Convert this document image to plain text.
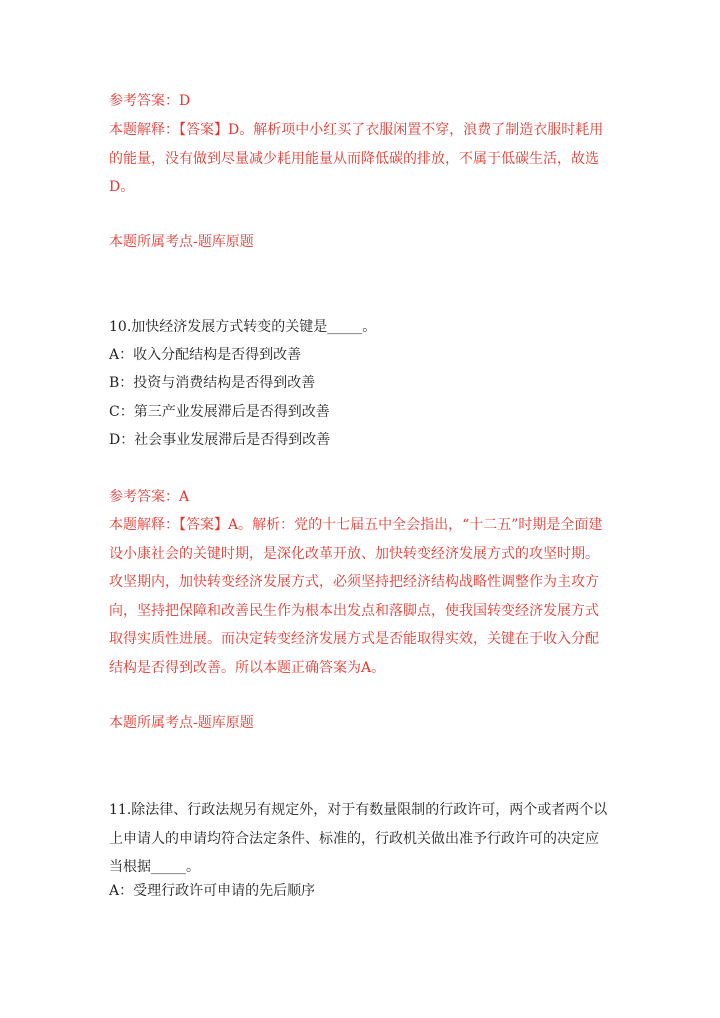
参考答案：D
本题解释：【答案】D。解析项中小红买了衣服闲置不穿，浪费了制造衣服时耗用的能量，没有做到尽量减少耗用能量从而降低碳的排放，不属于低碳生活，故选D。
本题所属考点-题库原题
10.加快经济发展方式转变的关键是_____。
A：收入分配结构是否得到改善
B：投资与消费结构是否得到改善
C：第三产业发展滞后是否得到改善
D：社会事业发展滞后是否得到改善
参考答案：A
本题解释：【答案】A。解析：党的十七届五中全会指出，“十二五”时期是全面建设小康社会的关键时期，是深化改革开放、加快转变经济发展方式的攻坚时期。攻坚期内，加快转变经济发展方式，必须坚持把经济结构战略性调整作为主攻方向，坚持把保障和改善民生作为根本出发点和落脚点，使我国转变经济发展方式取得实质性进展。而决定转变经济发展方式是否能取得实效，关键在于收入分配结构是否得到改善。所以本题正确答案为A。
本题所属考点-题库原题
11.除法律、行政法规另有规定外，对于有数量限制的行政许可，两个或者两个以上申请人的申请均符合法定条件、标准的，行政机关做出准予行政许可的决定应当根据_____。
A：受理行政许可申请的先后顺序
